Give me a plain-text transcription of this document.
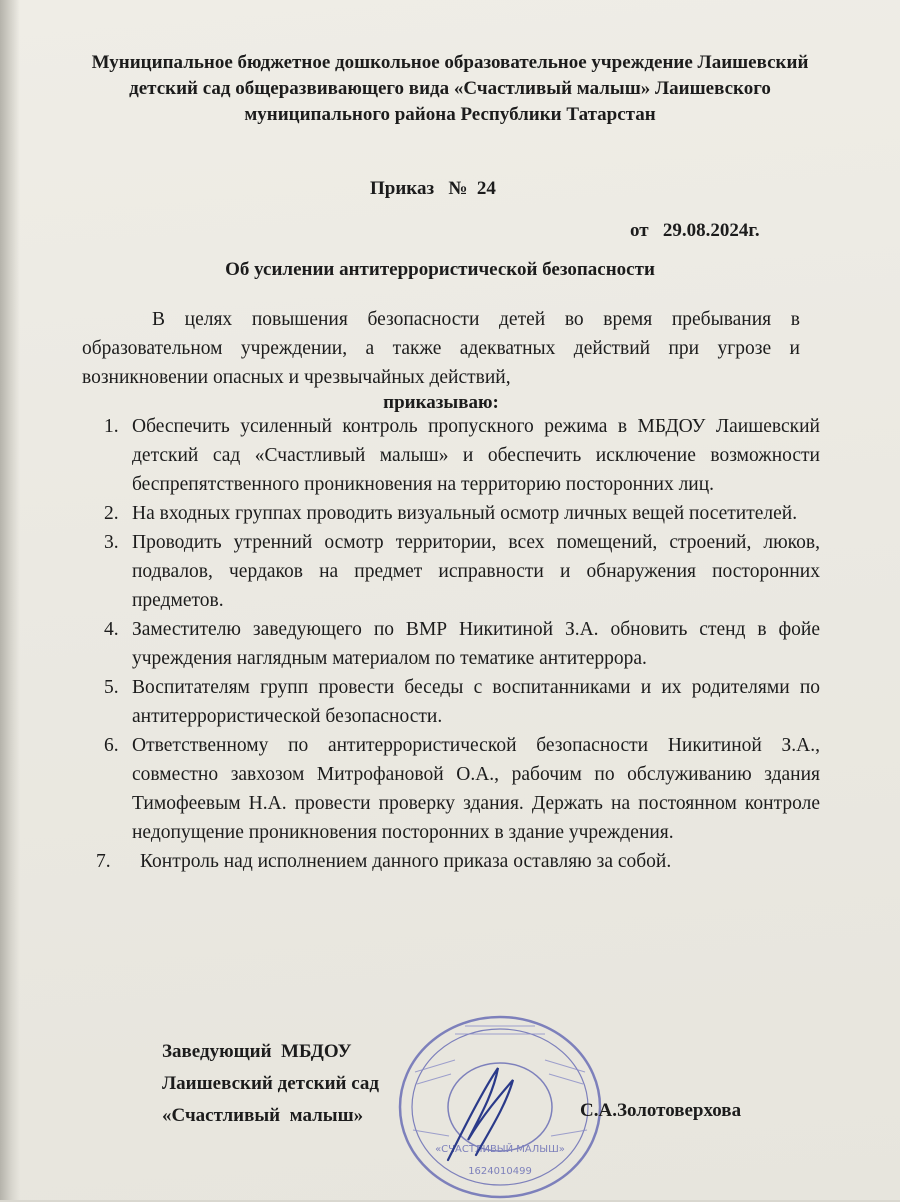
Муниципальное бюджетное дошкольное образовательное учреждение Лаишевский детский сад общеразвивающего вида «Счастливый малыш» Лаишевского муниципального района Республики Татарстан
Приказ   №  24
от   29.08.2024г.
Об усилении антитеррористической безопасности

В целях повышения безопасности детей во время пребывания в образовательном учреждении, а также адекватных действий при угрозе и возникновении опасных и чрезвычайных действий,

приказываю:
1. Обеспечить усиленный контроль пропускного режима в МБДОУ Лаишевский детский сад «Счастливый малыш» и обеспечить исключение возможности беспрепятственного проникновения на территорию посторонних лиц.
2. На входных группах проводить визуальный осмотр личных вещей посетителей.
3. Проводить утренний осмотр территории, всех помещений, строений, люков, подвалов, чердаков на предмет исправности и обнаружения посторонних предметов.
4. Заместителю заведующего по ВМР Никитиной З.А. обновить стенд в фойе учреждения наглядным материалом по тематике антитеррора.
5. Воспитателям групп провести беседы с воспитанниками и их родителями по антитеррористической безопасности.
6. Ответственному по антитеррористической безопасности Никитиной З.А., совместно завхозом Митрофановой О.А., рабочим по обслуживанию здания Тимофеевым Н.А. провести проверку здания. Держать на постоянном контроле недопущение проникновения посторонних в здание учреждения.
7. Контроль над исполнением данного приказа оставляю за собой.
«СЧАСТЛИВЫЙ МАЛЫШ»
1624010499
Заведующий  МБДОУ
Лаишевский детский сад
«Счастливый  малыш»	С.А.Золотоверхова
